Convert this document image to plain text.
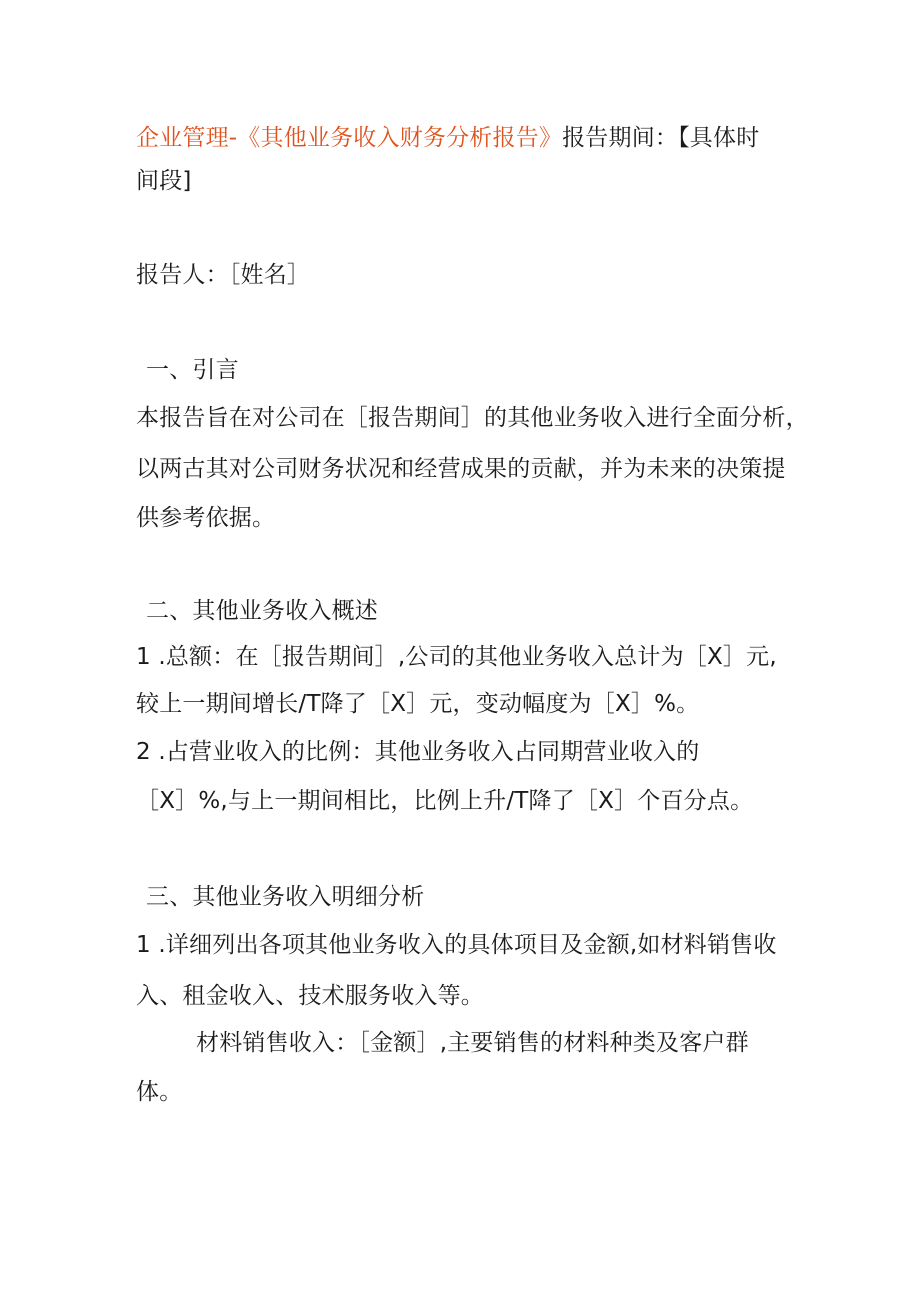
企业管理-《其他业务收入财务分析报告》报告期间：【具体时
间段]
报告人：［姓名］
一、引言
本报告旨在对公司在［报告期间］的其他业务收入进行全面分析，
以两古其对公司财务状况和经营成果的贡献，并为未来的决策提
供参考依据。
二、其他业务收入概述
1 .总额：在［报告期间］,公司的其他业务收入总计为［X］元,
较上一期间增长/T降了［X］元，变动幅度为［X］%。
2 .占营业收入的比例：其他业务收入占同期营业收入的
［X］%,与上一期间相比，比例上升/T降了［X］个百分点。
三、其他业务收入明细分析
1 .详细列出各项其他业务收入的具体项目及金额,如材料销售收
入、租金收入、技术服务收入等。
材料销售收入：［金额］,主要销售的材料种类及客户群
体。
